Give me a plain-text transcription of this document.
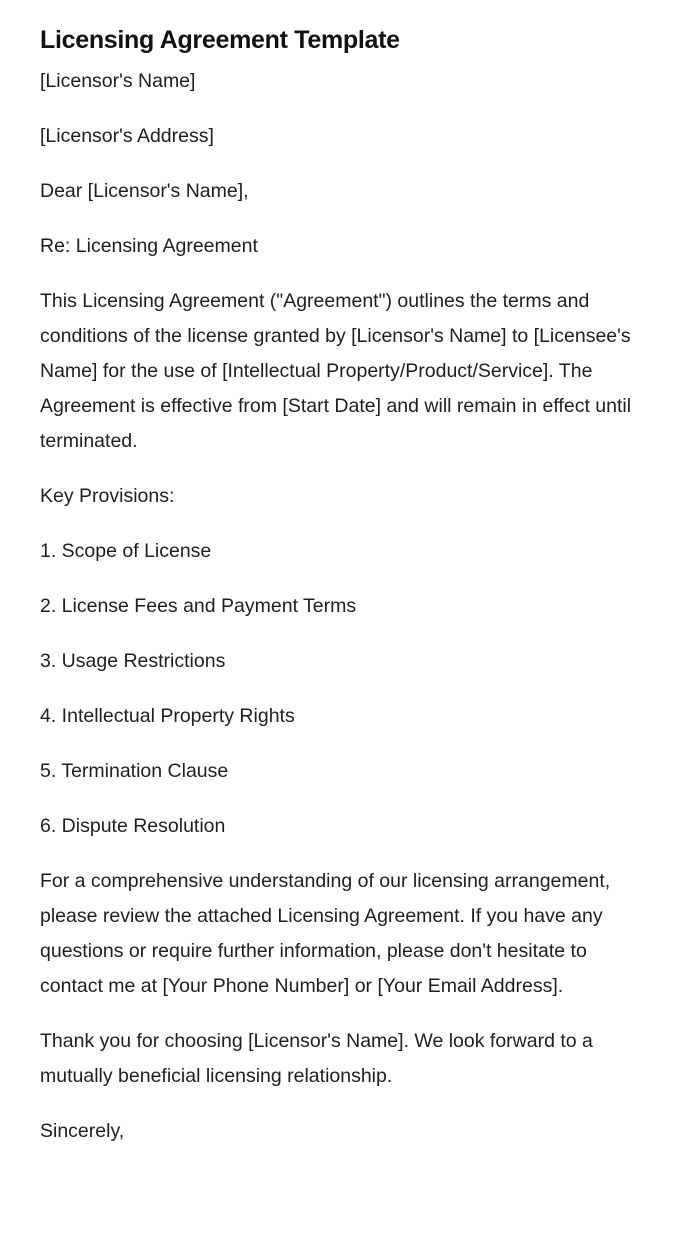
Licensing Agreement Template

[Licensor's Name]

[Licensor's Address]

Dear [Licensor's Name],

Re: Licensing Agreement

This Licensing Agreement ("Agreement") outlines the terms and conditions of the license granted by [Licensor's Name] to [Licensee's Name] for the use of [Intellectual Property/Product/Service]. The Agreement is effective from [Start Date] and will remain in effect until terminated.

Key Provisions:

1. Scope of License
2. License Fees and Payment Terms
3. Usage Restrictions
4. Intellectual Property Rights
5. Termination Clause
6. Dispute Resolution

For a comprehensive understanding of our licensing arrangement, please review the attached Licensing Agreement. If you have any questions or require further information, please don't hesitate to contact me at [Your Phone Number] or [Your Email Address].

Thank you for choosing [Licensor's Name]. We look forward to a mutually beneficial licensing relationship.

Sincerely,
